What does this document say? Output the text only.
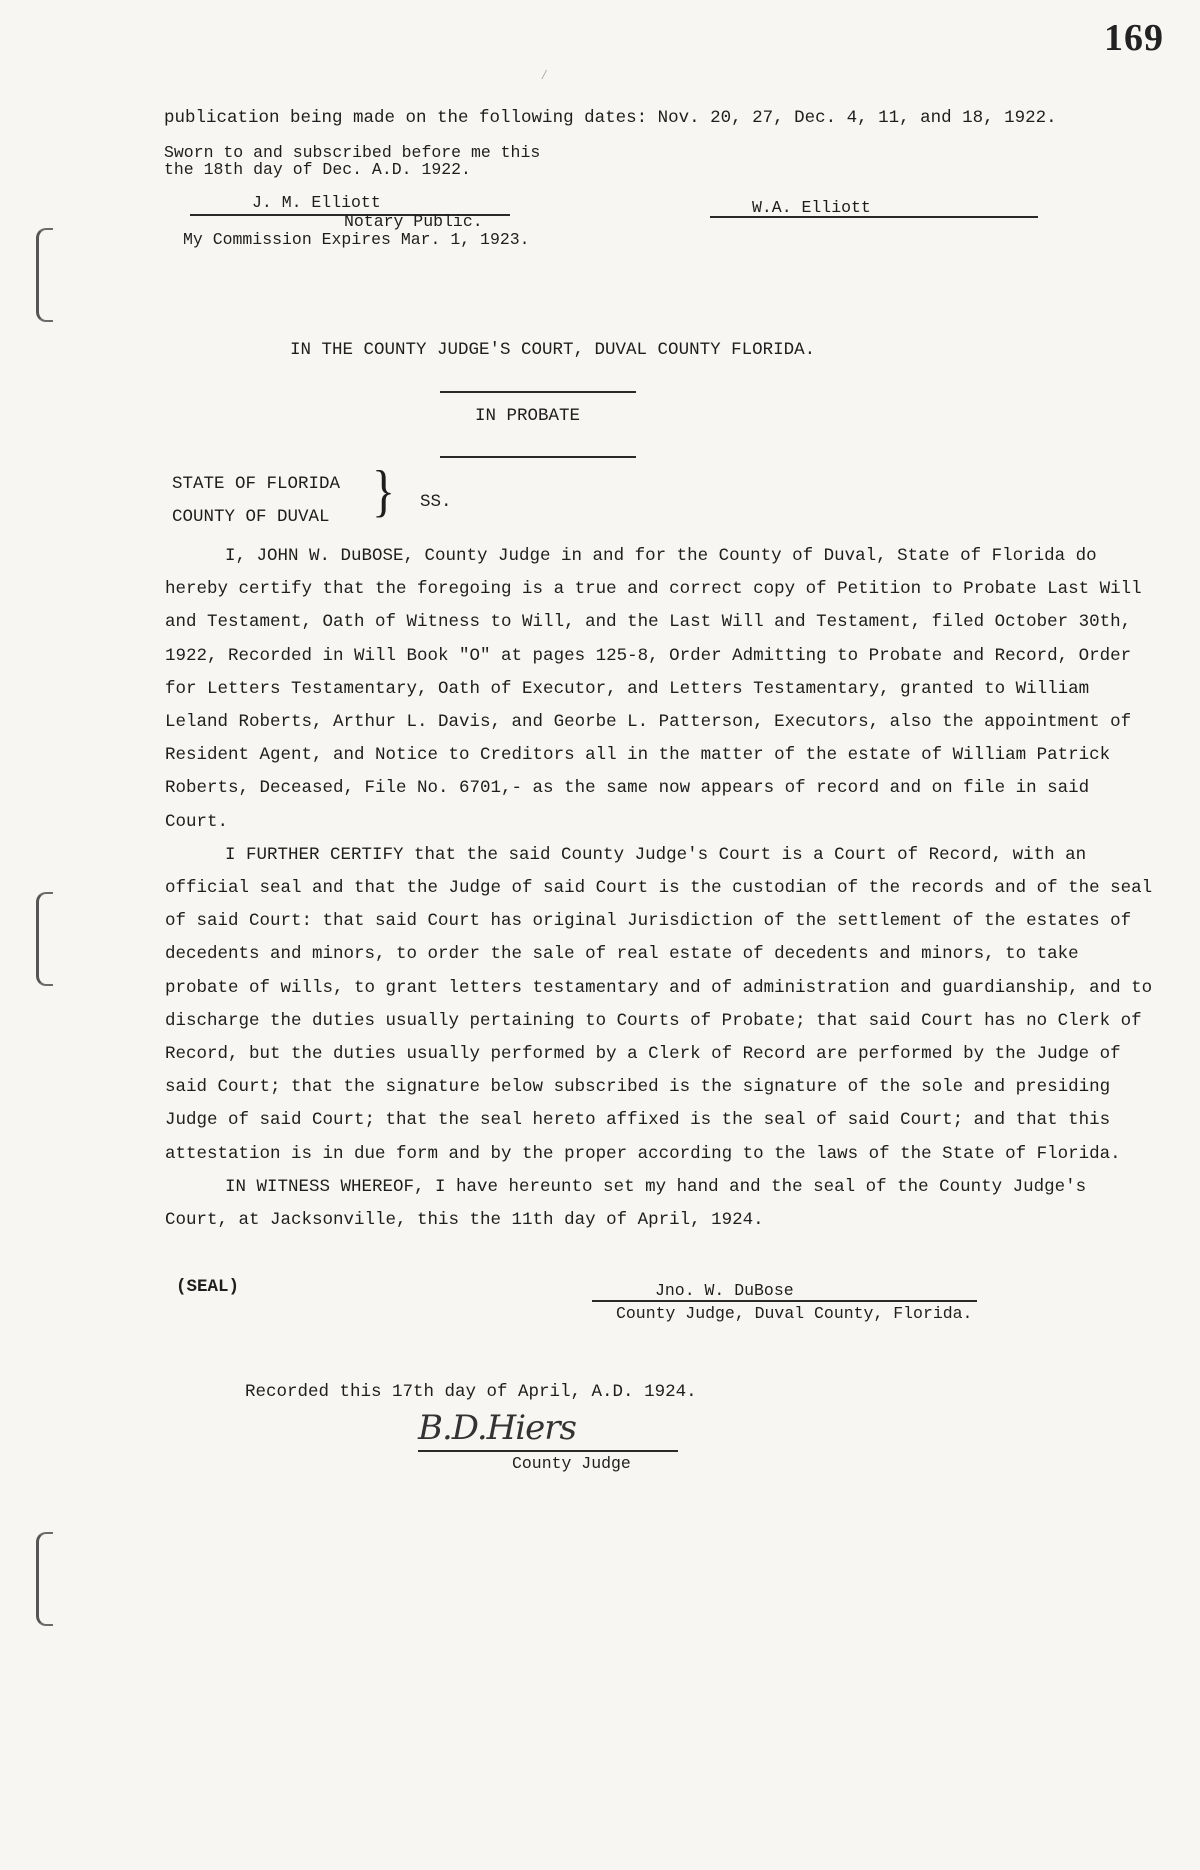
169
⁄
publication being made on the following dates: Nov. 20, 27, Dec. 4, 11, and 18, 1922.
Sworn to and subscribed before me this
the 18th day of Dec. A.D. 1922.
J. M. Elliott
Notary Public.
My Commission Expires Mar. 1, 1923.
W.A. Elliott
IN THE COUNTY JUDGE'S COURT, DUVAL COUNTY FLORIDA.
IN PROBATE
STATE OF FLORIDA
COUNTY OF DUVAL } SS.

I, JOHN W. DuBOSE, County Judge in and for the County of Duval, State of Florida do hereby certify that the foregoing is a true and correct copy of Petition to Probate Last Will and Testament, Oath of Witness to Will, and the Last Will and Testament, filed October 30th, 1922, Recorded in Will Book "O" at pages 125-8, Order Admitting to Probate and Record, Order for Letters Testamentary, Oath of Executor, and Letters Testamentary, granted to William Leland Roberts, Arthur L. Davis, and Georbe L. Patterson, Executors, also the appointment of Resident Agent, and Notice to Creditors all in the matter of the estate of William Patrick Roberts, Deceased, File No. 6701,- as the same now appears of record and on file in said Court.

I FURTHER CERTIFY that the said County Judge's Court is a Court of Record, with an official seal and that the Judge of said Court is the custodian of the records and of the seal of said Court: that said Court has original Jurisdiction of the settlement of the estates of decedents and minors, to order the sale of real estate of decedents and minors, to take probate of wills, to grant letters testamentary and of administration and guardianship, and to discharge the duties usually pertaining to Courts of Probate; that said Court has no Clerk of Record, but the duties usually performed by a Clerk of Record are performed by the Judge of said Court; that the signature below subscribed is the signature of the sole and presiding Judge of said Court; that the seal hereto affixed is the seal of said Court; and that this attestation is in due form and by the proper according to the laws of the State of Florida.

IN WITNESS WHEREOF, I have hereunto set my hand and the seal of the County Judge's Court, at Jacksonville, this the 11th day of April, 1924.

(SEAL)	Jno. W. DuBose
County Judge, Duval County, Florida.
Recorded this 17th day of April, A.D. 1924.
B.D.Hiers
County Judge
